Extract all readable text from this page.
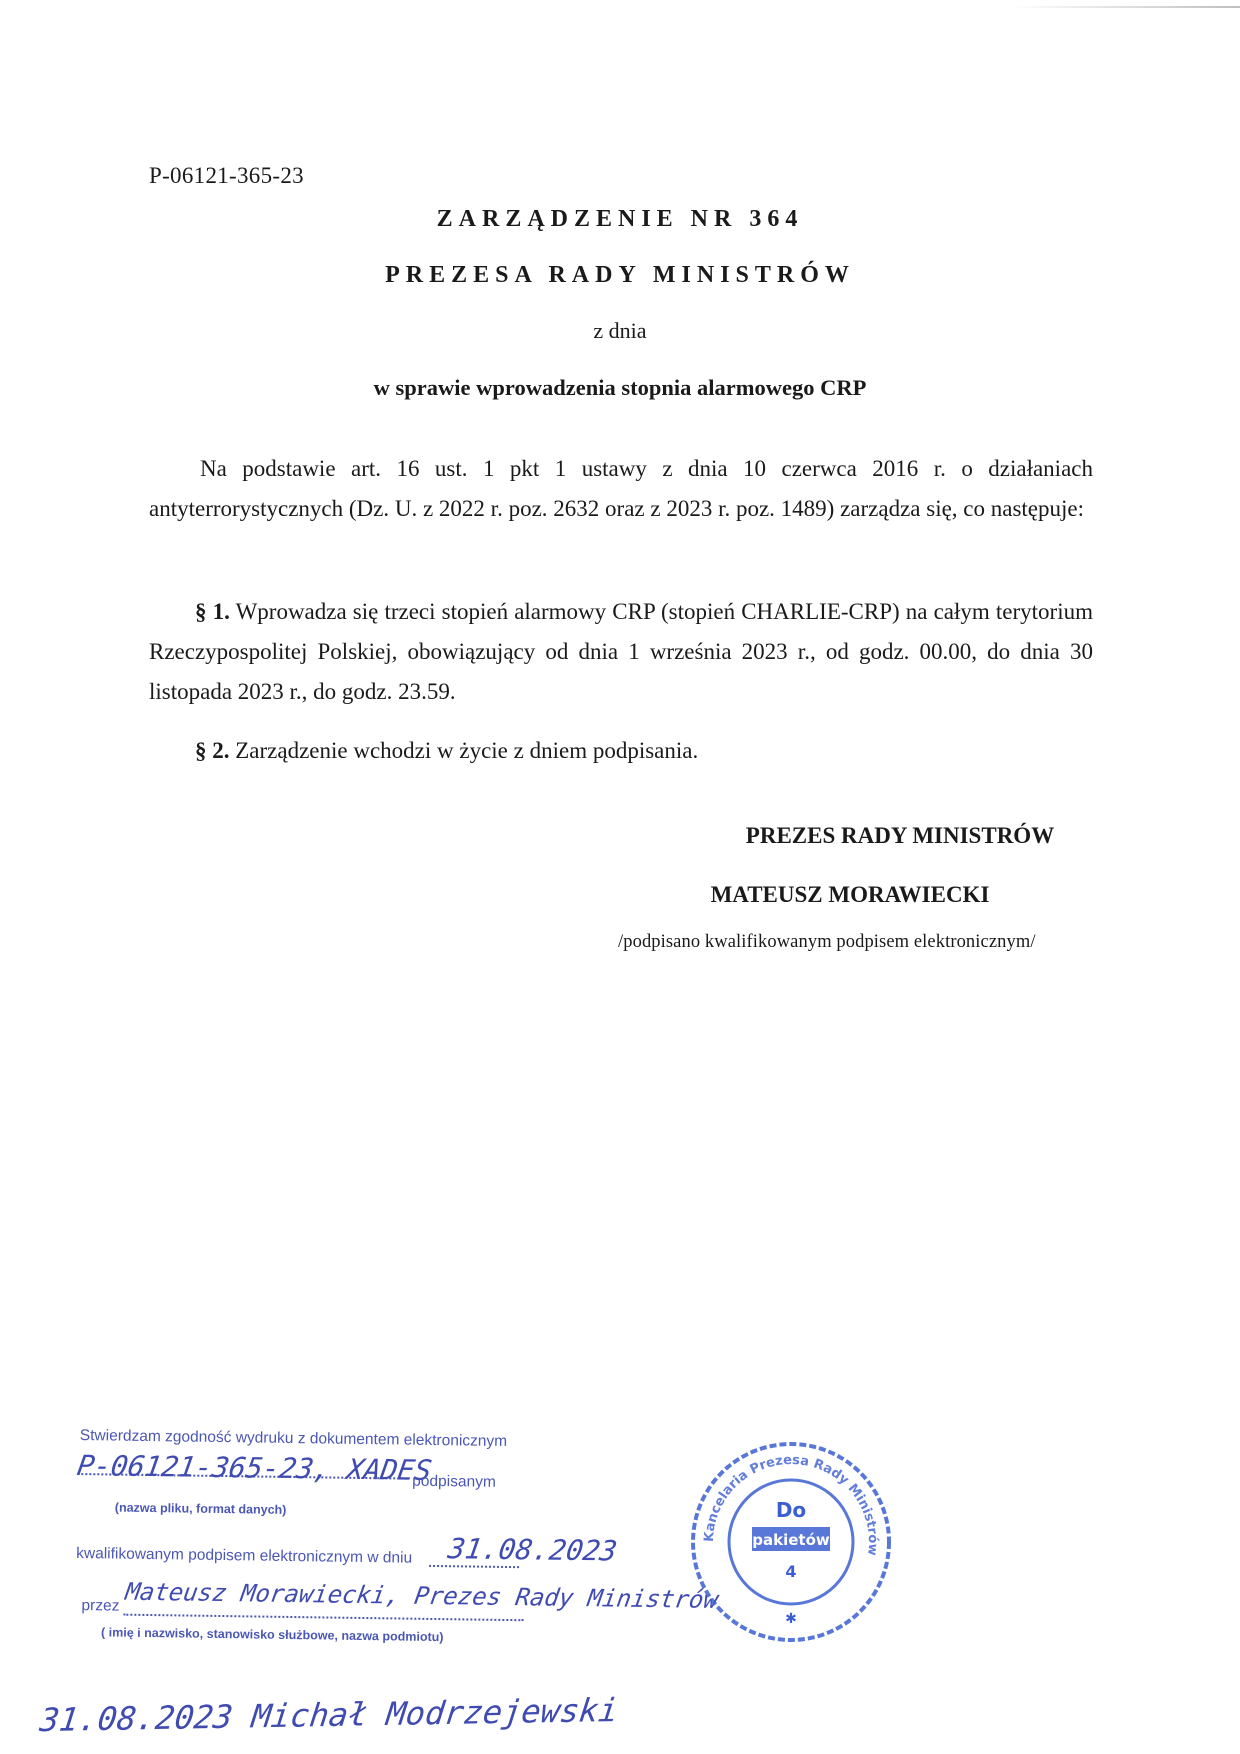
P-06121-365-23
ZARZĄDZENIE NR 364
PREZESA RADY MINISTRÓW
z dnia
w sprawie wprowadzenia stopnia alarmowego CRP
Na podstawie art. 16 ust. 1 pkt 1 ustawy z dnia 10 czerwca 2016 r. o działaniach antyterrorystycznych (Dz. U. z 2022 r. poz. 2632 oraz z 2023 r. poz. 1489) zarządza się, co następuje:
§ 1. Wprowadza się trzeci stopień alarmowy CRP (stopień CHARLIE-CRP) na całym terytorium Rzeczypospolitej Polskiej, obowiązujący od dnia 1 września 2023 r., od godz. 00.00, do dnia 30 listopada 2023 r., do godz. 23.59.
§ 2. Zarządzenie wchodzi w życie z dniem podpisania.
PREZES RADY MINISTRÓW
MATEUSZ MORAWIECKI
/podpisano kwalifikowanym podpisem elektronicznym/
Stwierdzam zgodność wydruku z dokumentem elektronicznym
P-06121-365-23, XADES
podpisanym
(nazwa pliku, format danych)
kwalifikowanym podpisem elektronicznym w dniu 31.08.2023
przez Mateusz Morawiecki, Prezes Rady Ministrów
( imię i nazwisko, stanowisko służbowe, nazwa podmiotu)
Kancelaria Prezesa Rady Ministrów
Do
pakietów
4
✱
31.08.2023 Michał Modrzejewski
